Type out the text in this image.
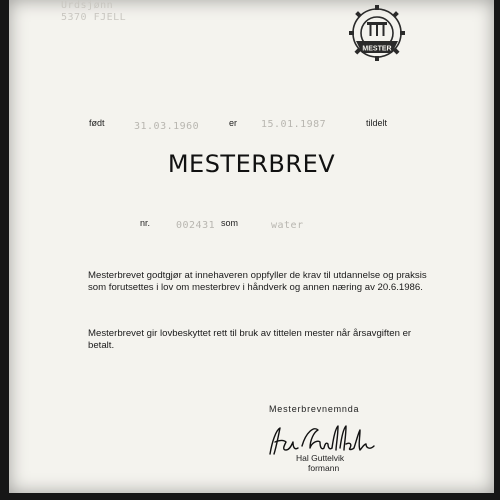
Urdsjønn
5370 FJELL
MESTER
født	31.03.1960	er 15.01.1987	tildelt
MESTERBREV
nr.	002431 som	water
Mesterbrevet godtgjør at innehaveren oppfyller de krav til utdannelse og praksis som forutsettes i lov om mesterbrev i håndverk og annen næring av 20.6.1986.
Mesterbrevet gir lovbeskyttet rett til bruk av tittelen mester når årsavgiften er betalt.
Mesterbrevnemnda
Hal Guttelvik
formann
